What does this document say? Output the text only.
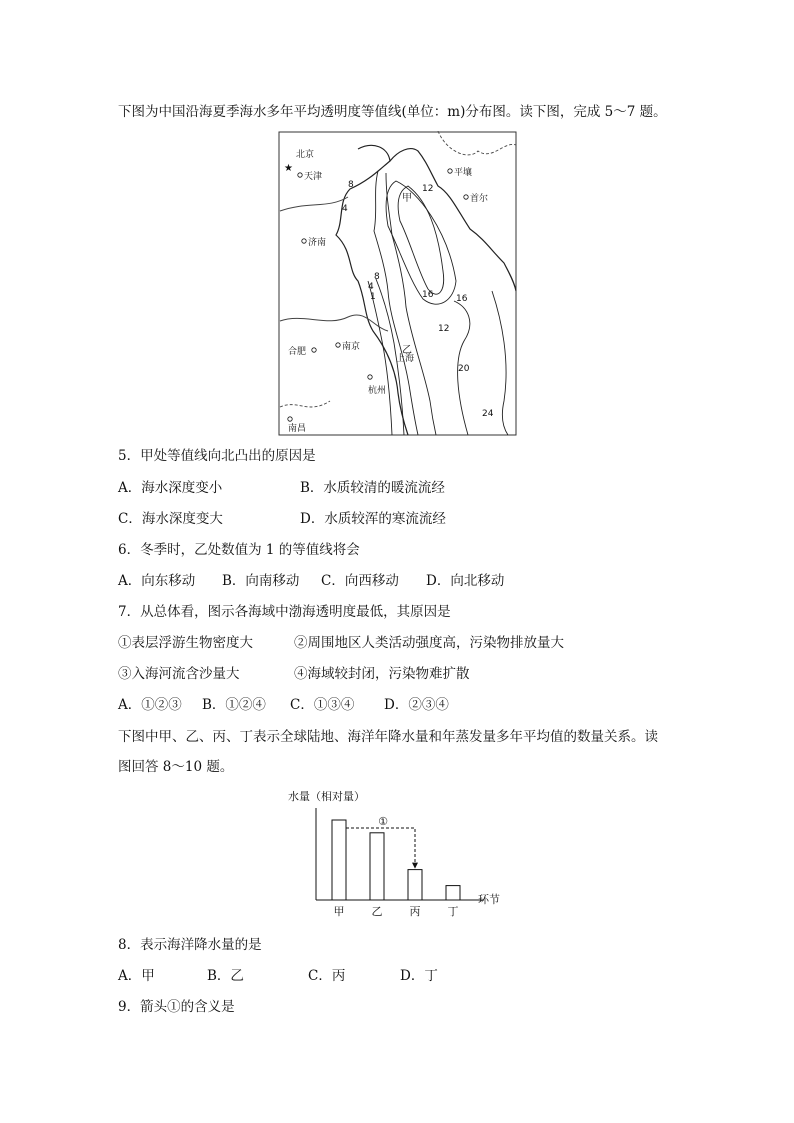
下图为中国沿海夏季海水多年平均透明度等值线(单位：m)分布图。读下图，完成 5～7 题。
北京
★
天津
济南
合肥	南京
上海
杭州
南昌
平壤
首尔
甲
乙
8
4
12
8
4
1	16	16
12
20
24
5．甲处等值线向北凸出的原因是
A．海水深度变小	B．水质较清的暖流流经
C．海水深度变大	D．水质较浑的寒流流经
6．冬季时，乙处数值为 1 的等值线将会
A．向东移动 B．向南移动 C．向西移动 D．向北移动
7．从总体看，图示各海域中渤海透明度最低，其原因是
①表层浮游生物密度大	②周围地区人类活动强度高，污染物排放量大
③入海河流含沙量大	④海域较封闭，污染物难扩散
A．①②③ B．①②④ C．①③④ D．②③④
下图中甲、乙、丙、丁表示全球陆地、海洋年降水量和年蒸发量多年平均值的数量关系。读
图回答 8～10 题。
水量（相对量）
环节
甲 乙 丙 丁
①
8．表示海洋降水量的是
A．甲	B．乙	C．丙	D．丁
9．箭头①的含义是
